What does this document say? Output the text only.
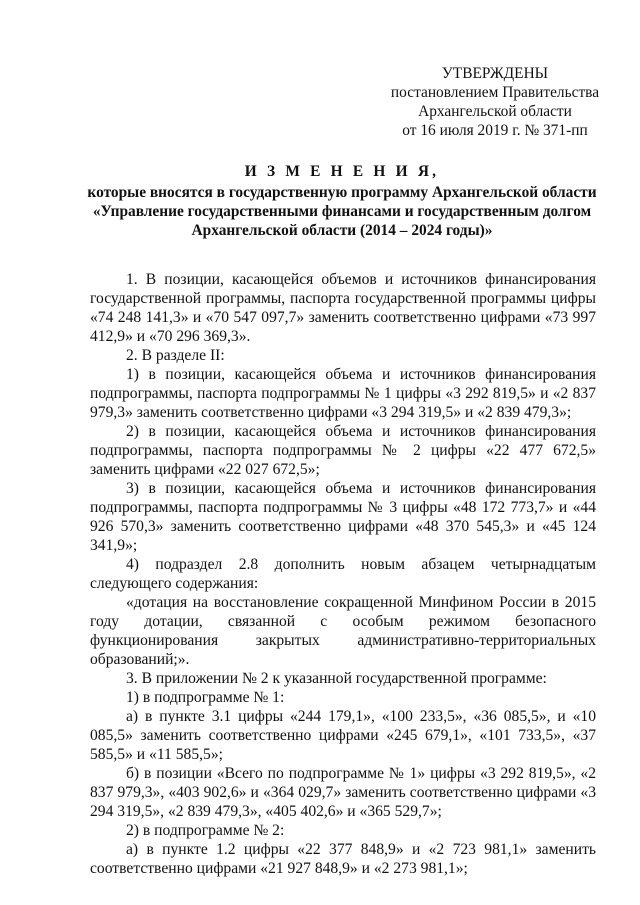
УТВЕРЖДЕНЫ
постановлением Правительства
Архангельской области
от 16 июля 2019 г. № 371-пп
И З М Е Н Е Н И Я,
которые вносятся в государственную программу Архангельской области
«Управление государственными финансами и государственным долгом
Архангельской области (2014 – 2024 годы)»

1. В позиции, касающейся объемов и источников финансирования государственной программы, паспорта государственной программы цифры «74 248 141,3» и «70 547 097,7» заменить соответственно цифрами «73 997 412,9» и «70 296 369,3».

2. В разделе II:

1) в позиции, касающейся объема и источников финансирования подпрограммы, паспорта подпрограммы № 1 цифры «3 292 819,5» и «2 837 979,3» заменить соответственно цифрами «3 294 319,5» и «2 839 479,3»;

2) в позиции, касающейся объема и источников финансирования подпрограммы, паспорта подпрограммы № 2 цифры «22 477 672,5» заменить цифрами «22 027 672,5»;

3) в позиции, касающейся объема и источников финансирования подпрограммы, паспорта подпрограммы № 3 цифры «48 172 773,7» и «44 926 570,3» заменить соответственно цифрами «48 370 545,3» и «45 124 341,9»;

4) подраздел 2.8 дополнить новым абзацем четырнадцатым следующего содержания:

«дотация на восстановление сокращенной Минфином России в 2015 году дотации, связанной с особым режимом безопасного функционирования закрытых административно-территориальных образований;».

3. В приложении № 2 к указанной государственной программе:

1) в подпрограмме № 1:

а) в пункте 3.1 цифры «244 179,1», «100 233,5», «36 085,5», и «10 085,5» заменить соответственно цифрами «245 679,1», «101 733,5», «37 585,5» и «11 585,5»;

б) в позиции «Всего по подпрограмме № 1» цифры «3 292 819,5», «2 837 979,3», «403 902,6» и «364 029,7» заменить соответственно цифрами «3 294 319,5», «2 839 479,3», «405 402,6» и «365 529,7»;

2) в подпрограмме № 2:

а) в пункте 1.2 цифры «22 377 848,9» и «2 723 981,1» заменить соответственно цифрами «21 927 848,9» и «2 273 981,1»;
